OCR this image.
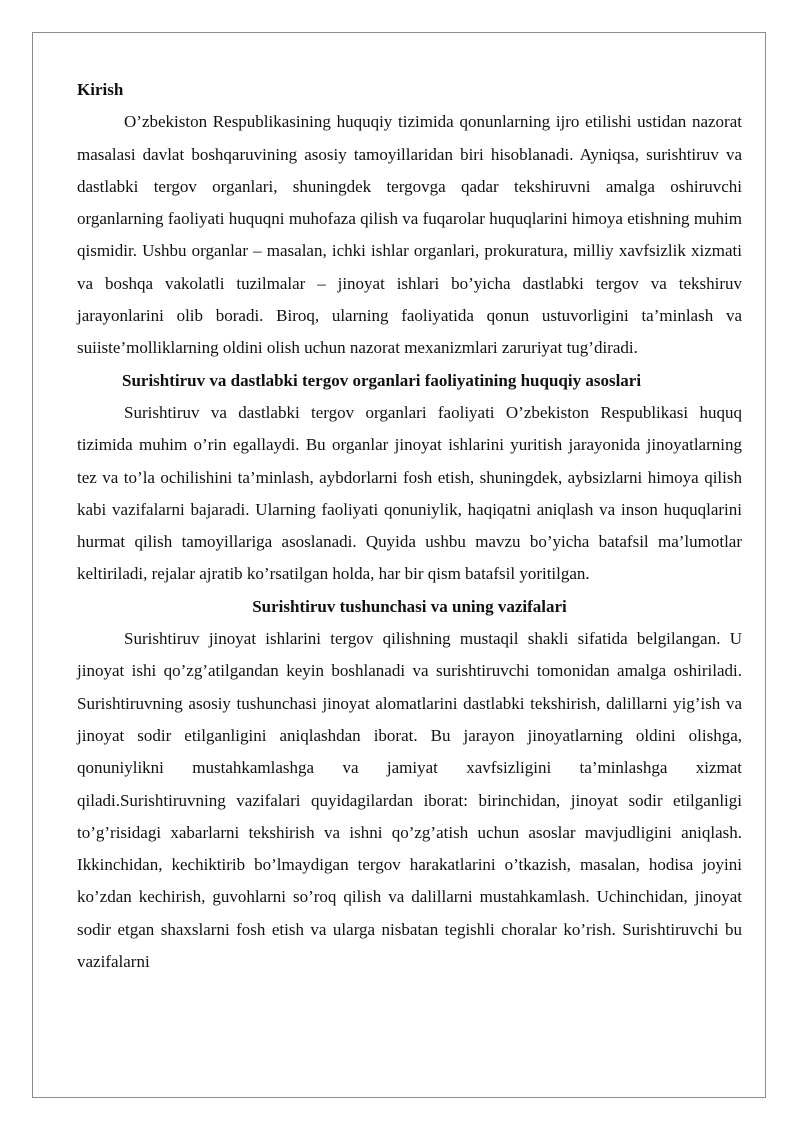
Kirish

O’zbekiston Respublikasining huquqiy tizimida qonunlarning ijro etilishi ustidan nazorat masalasi davlat boshqaruvining asosiy tamoyillaridan biri hisoblanadi. Ayniqsa, surishtiruv va dastlabki tergov organlari, shuningdek tergovga qadar tekshiruvni amalga oshiruvchi organlarning faoliyati huquqni muhofaza qilish va fuqarolar huquqlarini himoya etishning muhim qismidir. Ushbu organlar – masalan, ichki ishlar organlari, prokuratura, milliy xavfsizlik xizmati va boshqa vakolatli tuzilmalar – jinoyat ishlari bo’yicha dastlabki tergov va tekshiruv jarayonlarini olib boradi. Biroq, ularning faoliyatida qonun ustuvorligini ta’minlash va suiiste’molliklarning oldini olish uchun nazorat mexanizmlari zaruriyat tug’diradi.

Surishtiruv va dastlabki tergov organlari faoliyatining huquqiy asoslari

Surishtiruv va dastlabki tergov organlari faoliyati O’zbekiston Respublikasi huquq tizimida muhim o’rin egallaydi. Bu organlar jinoyat ishlarini yuritish jarayonida jinoyatlarning tez va to’la ochilishini ta’minlash, aybdorlarni fosh etish, shuningdek, aybsizlarni himoya qilish kabi vazifalarni bajaradi. Ularning faoliyati qonuniylik, haqiqatni aniqlash va inson huquqlarini hurmat qilish tamoyillariga asoslanadi. Quyida ushbu mavzu bo’yicha batafsil ma’lumotlar keltiriladi, rejalar ajratib ko’rsatilgan holda, har bir qism batafsil yoritilgan.

Surishtiruv tushunchasi va uning vazifalari

Surishtiruv jinoyat ishlarini tergov qilishning mustaqil shakli sifatida belgilangan. U jinoyat ishi qo’zg’atilgandan keyin boshlanadi va surishtiruvchi tomonidan amalga oshiriladi. Surishtiruvning asosiy tushunchasi jinoyat alomatlarini dastlabki tekshirish, dalillarni yig’ish va jinoyat sodir etilganligini aniqlashdan iborat. Bu jarayon jinoyatlarning oldini olishga, qonuniylikni mustahkamlashga va jamiyat xavfsizligini ta’minlashga xizmat qiladi.Surishtiruvning vazifalari quyidagilardan iborat: birinchidan, jinoyat sodir etilganligi to’g’risidagi xabarlarni tekshirish va ishni qo’zg’atish uchun asoslar mavjudligini aniqlash. Ikkinchidan, kechiktirib bo’lmaydigan tergov harakatlarini o’tkazish, masalan, hodisa joyini ko’zdan kechirish, guvohlarni so’roq qilish va dalillarni mustahkamlash. Uchinchidan, jinoyat sodir etgan shaxslarni fosh etish va ularga nisbatan tegishli choralar ko’rish. Surishtiruvchi bu vazifalarni
